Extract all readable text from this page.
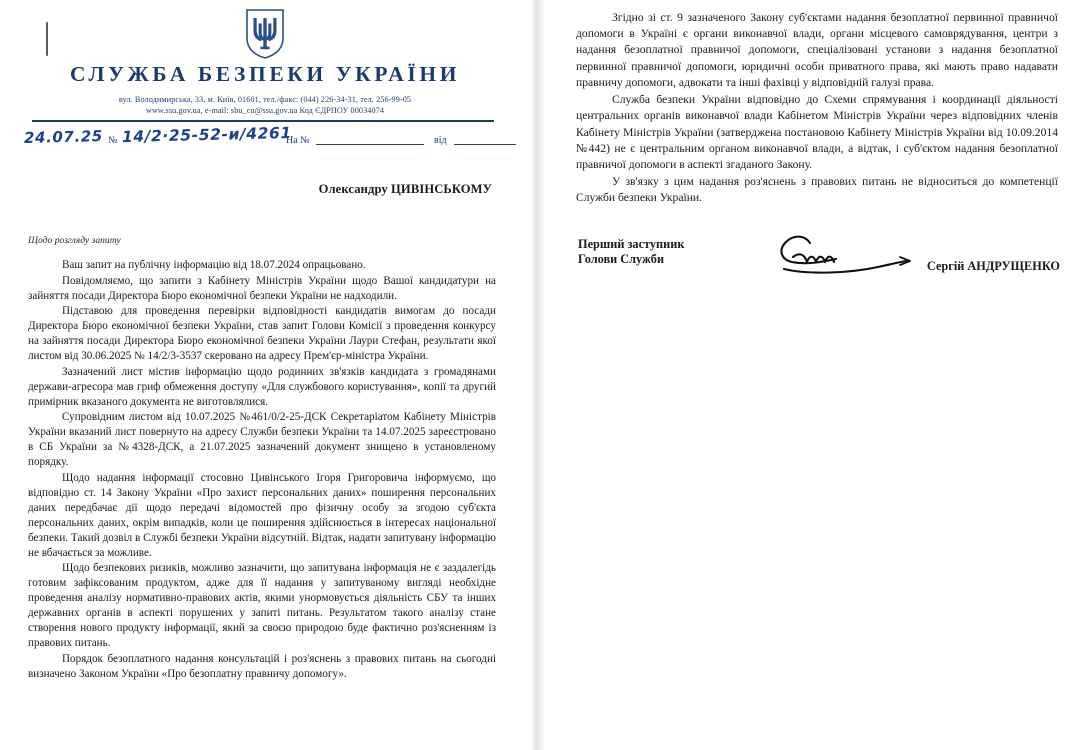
СЛУЖБА БЕЗПЕКИ УКРАЇНИ
вул. Володимирська, 33, м. Київ, 01601, тел./факс: (044) 226-34-31, тел. 256-99-05
www.ssu.gov.ua, e-mail: sbu_cu@ssu.gov.ua Код ЄДРПОУ 00034074
24.07.25 № 14/2·25-52-и/4261
На №	від
Олександру ЦИВІНСЬКОМУ
Щодо розгляду запиту

Ваш запит на публічну інформацію від 18.07.2024 опрацьовано.

Повідомляємо, що запити з Кабінету Міністрів України щодо Вашої кандидатури на зайняття посади Директора Бюро економічної безпеки України не надходили.

Підставою для проведення перевірки відповідності кандидатів вимогам до посади Директора Бюро економічної безпеки України, став запит Голови Комісії з проведення конкурсу на зайняття посади Директора Бюро економічної безпеки України Лаури Стефан, результати якої листом від 30.06.2025 № 14/2/3-3537 скеровано на адресу Прем'єр-міністра України.

Зазначений лист містив інформацію щодо родинних зв'язків кандидата з громадянами держави-агресора мав гриф обмеження доступу «Для службового користування», копії та другий примірник вказаного документа не виготовлялися.

Супровідним листом від 10.07.2025 №461/0/2-25-ДСК Секретаріатом Кабінету Міністрів України вказаний лист повернуто на адресу Служби безпеки України та 14.07.2025 зареєстровано в СБ України за №4328-ДСК, а 21.07.2025 зазначений документ знищено в установленому порядку.

Щодо надання інформації стосовно Цивінського Ігоря Григоровича інформуємо, що відповідно ст. 14 Закону України «Про захист персональних даних» поширення персональних даних передбачає дії щодо передачі відомостей про фізичну особу за згодою суб'єкта персональних даних, окрім випадків, коли це поширення здійснюється в інтересах національної безпеки. Такий дозвіл в Службі безпеки України відсутній. Відтак, надати запитувану інформацію не вбачається за можливе.

Щодо безпекових ризиків, можливо зазначити, що запитувана інформація не є заздалегідь готовим зафіксованим продуктом, адже для її надання у запитуваному вигляді необхідне проведення аналізу нормативно-правових актів, якими унормовується діяльність СБУ та інших державних органів в аспекті порушених у запиті питань. Результатом такого аналізу стане створення нового продукту інформації, який за своєю природою буде фактично роз'ясненням із правових питань.

Порядок безоплатного надання консультацій і роз'яснень з правових питань на сьогодні визначено Законом України «Про безоплатну правничу допомогу».

Згідно зі ст. 9 зазначеного Закону суб'єктами надання безоплатної первинної правничої допомоги в Україні є органи виконавчої влади, органи місцевого самоврядування, центри з надання безоплатної правничої допомоги, спеціалізовані установи з надання безоплатної первинної правничої допомоги, юридичні особи приватного права, які мають право надавати правничу допомоги, адвокати та інші фахівці у відповідній галузі права.

Служба безпеки України відповідно до Схеми спрямування і координації діяльності центральних органів виконавчої влади Кабінетом Міністрів України через відповідних членів Кабінету Міністрів України (затверджена постановою Кабінету Міністрів України від 10.09.2014 №442) не є центральним органом виконавчої влади, а відтак, і суб'єктом надання безоплатної правничої допомоги в аспекті згаданого Закону.

У зв'язку з цим надання роз'яснень з правових питань не відноситься до компетенції Служби безпеки України.

Перший заступник
Голови Служби	Сергій АНДРУЩЕНКО
